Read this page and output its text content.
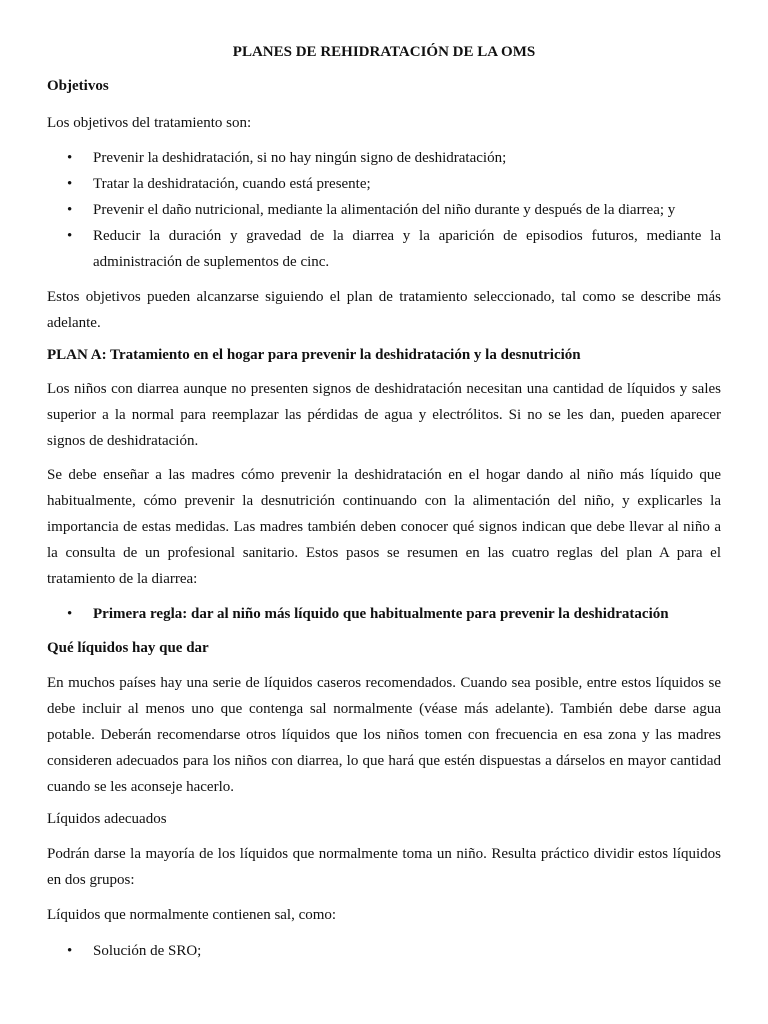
PLANES DE REHIDRATACIÓN DE LA OMS

Objetivos

Los objetivos del tratamiento son:

• Prevenir la deshidratación, si no hay ningún signo de deshidratación;
• Tratar la deshidratación, cuando está presente;
• Prevenir el daño nutricional, mediante la alimentación del niño durante y después de la diarrea; y
• Reducir la duración y gravedad de la diarrea y la aparición de episodios futuros, mediante la administración de suplementos de cinc.

Estos objetivos pueden alcanzarse siguiendo el plan de tratamiento seleccionado, tal como se describe más adelante.

PLAN A: Tratamiento en el hogar para prevenir la deshidratación y la desnutrición

Los niños con diarrea aunque no presenten signos de deshidratación necesitan una cantidad de líquidos y sales superior a la normal para reemplazar las pérdidas de agua y electrólitos. Si no se les dan, pueden aparecer signos de deshidratación.

Se debe enseñar a las madres cómo prevenir la deshidratación en el hogar dando al niño más líquido que habitualmente, cómo prevenir la desnutrición continuando con la alimentación del niño, y explicarles la importancia de estas medidas. Las madres también deben conocer qué signos indican que debe llevar al niño a la consulta de un profesional sanitario. Estos pasos se resumen en las cuatro reglas del plan A para el tratamiento de la diarrea:

• Primera regla: dar al niño más líquido que habitualmente para prevenir la deshidratación

Qué líquidos hay que dar

En muchos países hay una serie de líquidos caseros recomendados. Cuando sea posible, entre estos líquidos se debe incluir al menos uno que contenga sal normalmente (véase más adelante). También debe darse agua potable. Deberán recomendarse otros líquidos que los niños tomen con frecuencia en esa zona y las madres consideren adecuados para los niños con diarrea, lo que hará que estén dispuestas a dárselos en mayor cantidad cuando se les aconseje hacerlo.

Líquidos adecuados

Podrán darse la mayoría de los líquidos que normalmente toma un niño. Resulta práctico dividir estos líquidos en dos grupos:

Líquidos que normalmente contienen sal, como:

• Solución de SRO;
